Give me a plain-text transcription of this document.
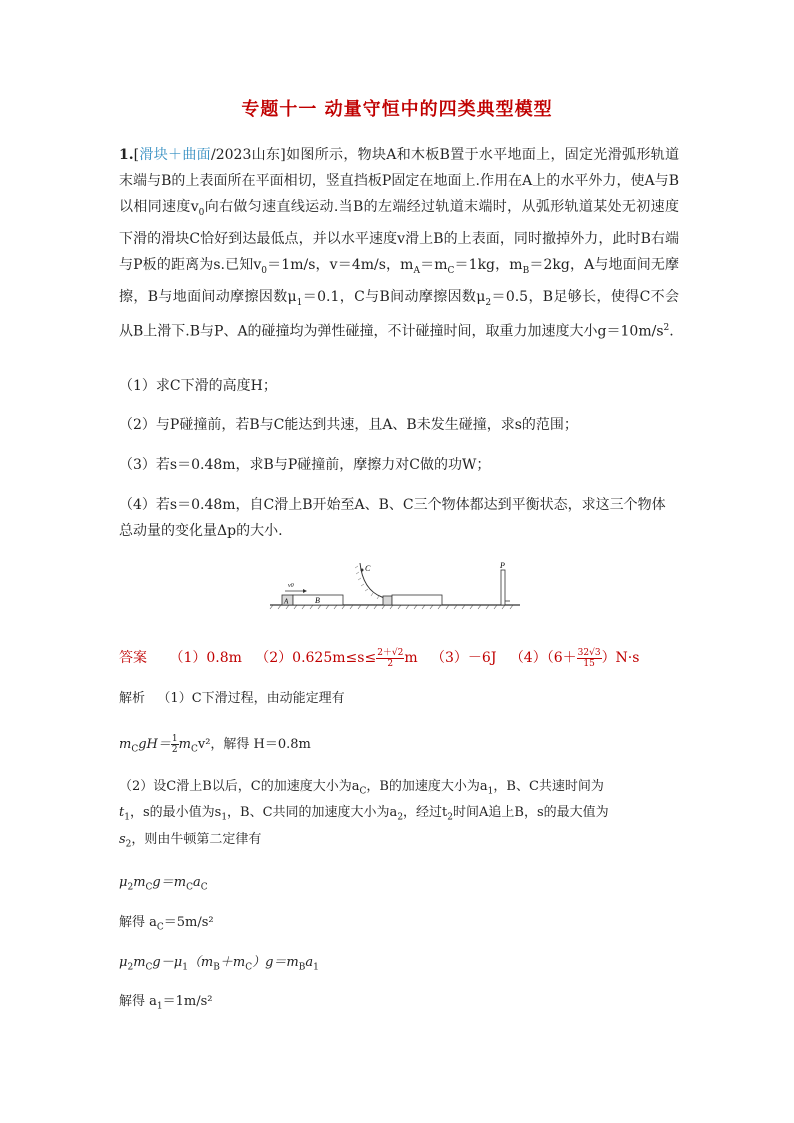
专题十一 动量守恒中的四类典型模型
1.[滑块＋曲面/2023山东]如图所示，物块A和木板B置于水平地面上，固定光滑弧形轨道末端与B的上表面所在平面相切，竖直挡板P固定在地面上.作用在A上的水平外力，使A与B以相同速度$v_0$向右做匀速直线运动.当B的左端经过轨道末端时，从弧形轨道某处无初速度下滑的滑块C恰好到达最低点，并以水平速度v滑上B的上表面，同时撤掉外力，此时B右端与P板的距离为s.已知$v_0=1m/s$，v＝4m/s，$m_A=m_C=1kg$，$m_B=2kg$，A与地面间无摩擦，B与地面间动摩擦因数$\mu_1=0.1$，C与B间动摩擦因数$\mu_2=0.5$，B足够长，使得C不会从B上滑下.B与P、A的碰撞均为弹性碰撞，不计碰撞时间，取重力加速度大小$g=10m/s^2$.
（1）求C下滑的高度H；
（2）与P碰撞前，若B与C能达到共速，且A、B未发生碰撞，求s的范围；
（3）若s＝0.48m，求B与P碰撞前，摩擦力对C做的功W；
（4）若s＝0.48m，自C滑上B开始至A、B、C三个物体都达到平衡状态，求这三个物体总动量的变化量Δp的大小.
A
v0
B
C	P
答案 （1）0.8m $(2)0.625m\le s\le \frac{2+√2}{2}$ m （3）－6J $(4)(6+ \frac{32√3}{15} )N\cdot s$
解析 （1）C下滑过程，由动能定理有
$m_CgH= \frac{1}{2} m_Cv^2$，解得 H＝0.8m
（2）设C滑上B以后，C的加速度大小为$a_C$，B的加速度大小为$a_1$，B、C共速时间为
$t_1$，s的最小值为$s_1$，B、C共同的加速度大小为$a_2$，经过$t_2$时间A追上B，s的最大值为
$s_2$，则由牛顿第二定律有
$\mu_2m_Cg=m_Ca_C$
解得 $a_C=5m/s^2$
$\mu_2m_Cg-\mu_1(m_B+m_C)g=m_Ba_1$
解得 $a_1=1m/s^2$
